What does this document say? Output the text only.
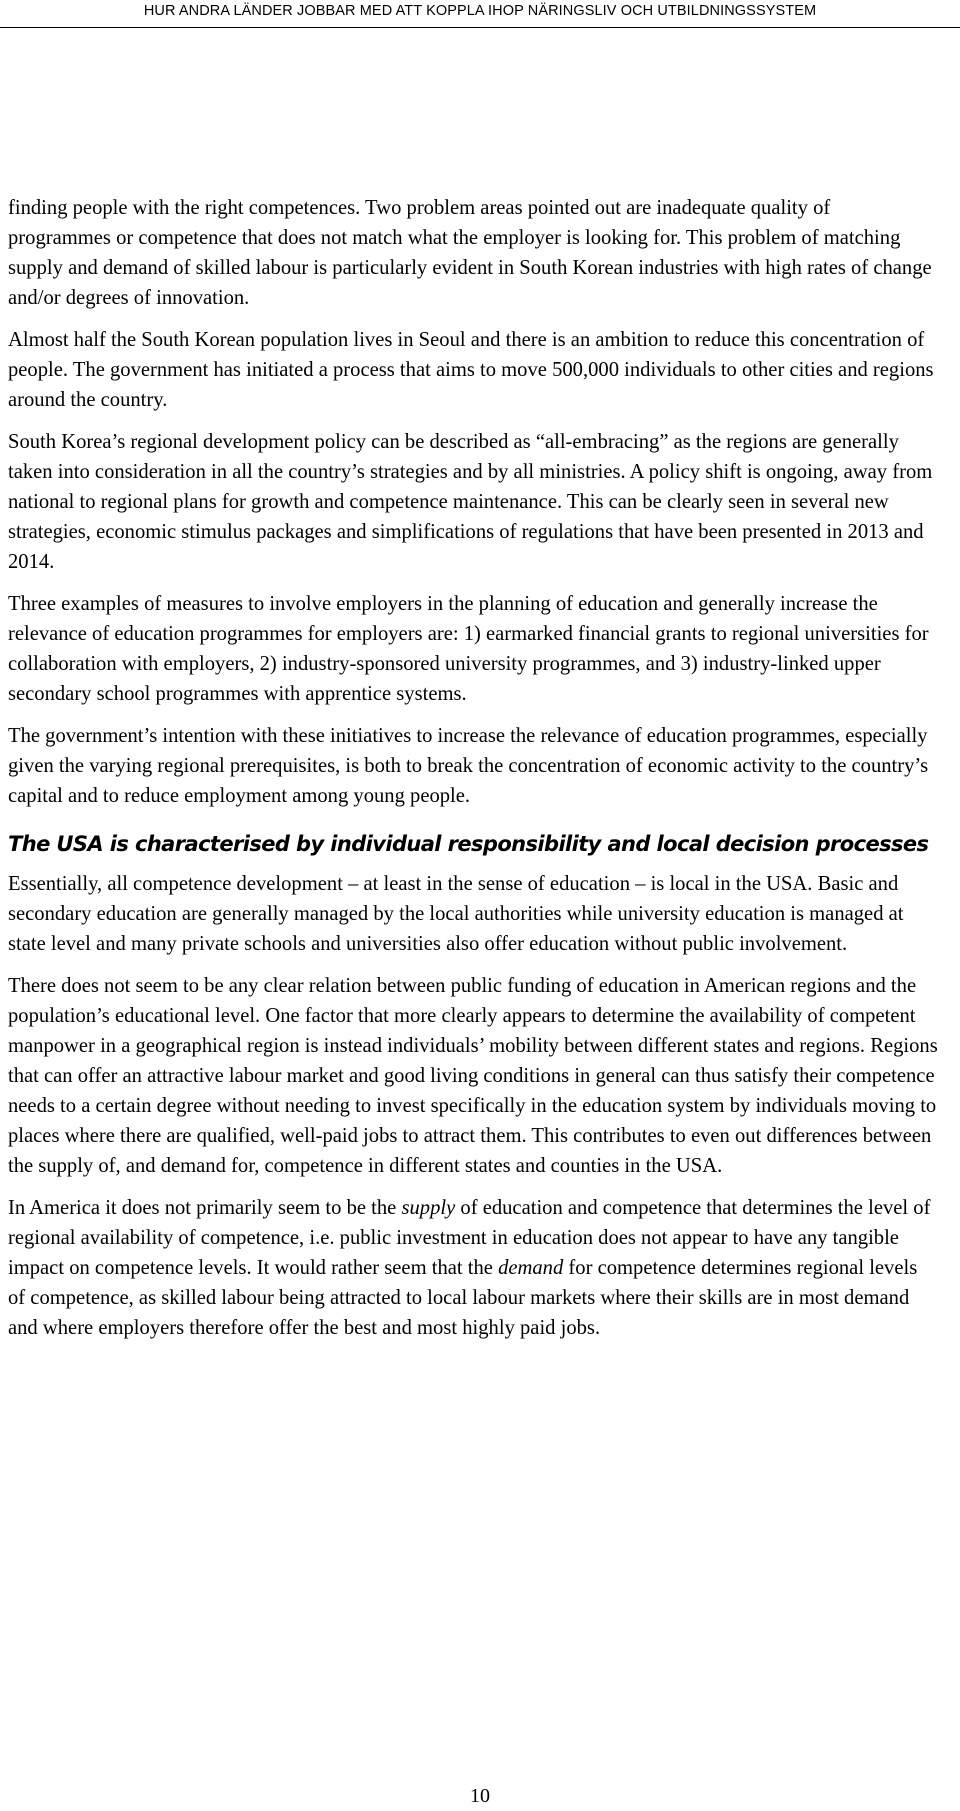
HUR ANDRA LÄNDER JOBBAR MED ATT KOPPLA IHOP NÄRINGSLIV OCH UTBILDNINGSSYSTEM

finding people with the right competences. Two problem areas pointed out are inadequate quality of programmes or competence that does not match what the employer is looking for. This problem of matching supply and demand of skilled labour is particularly evident in South Korean industries with high rates of change and/or degrees of innovation.

Almost half the South Korean population lives in Seoul and there is an ambition to reduce this concentration of people. The government has initiated a process that aims to move 500,000 individuals to other cities and regions around the country.

South Korea’s regional development policy can be described as “all-embracing” as the regions are generally taken into consideration in all the country’s strategies and by all ministries. A policy shift is ongoing, away from national to regional plans for growth and competence maintenance. This can be clearly seen in several new strategies, economic stimulus packages and simplifications of regulations that have been presented in 2013 and 2014.

Three examples of measures to involve employers in the planning of education and generally increase the relevance of education programmes for employers are: 1) earmarked financial grants to regional universities for collaboration with employers, 2) industry-sponsored university programmes, and 3) industry-linked upper secondary school programmes with apprentice systems.

The government’s intention with these initiatives to increase the relevance of education programmes, especially given the varying regional prerequisites, is both to break the concentration of economic activity to the country’s capital and to reduce employment among young people.

The USA is characterised by individual responsibility and local decision processes

Essentially, all competence development – at least in the sense of education – is local in the USA. Basic and secondary education are generally managed by the local authorities while university education is managed at state level and many private schools and universities also offer education without public involvement.

There does not seem to be any clear relation between public funding of education in American regions and the population’s educational level. One factor that more clearly appears to determine the availability of competent manpower in a geographical region is instead individuals’ mobility between different states and regions. Regions that can offer an attractive labour market and good living conditions in general can thus satisfy their competence needs to a certain degree without needing to invest specifically in the education system by individuals moving to places where there are qualified, well-paid jobs to attract them. This contributes to even out differences between the supply of, and demand for, competence in different states and counties in the USA.

In America it does not primarily seem to be the supply of education and competence that determines the level of regional availability of competence, i.e. public investment in education does not appear to have any tangible impact on competence levels. It would rather seem that the demand for competence determines regional levels of competence, as skilled labour being attracted to local labour markets where their skills are in most demand and where employers therefore offer the best and most highly paid jobs.

10
